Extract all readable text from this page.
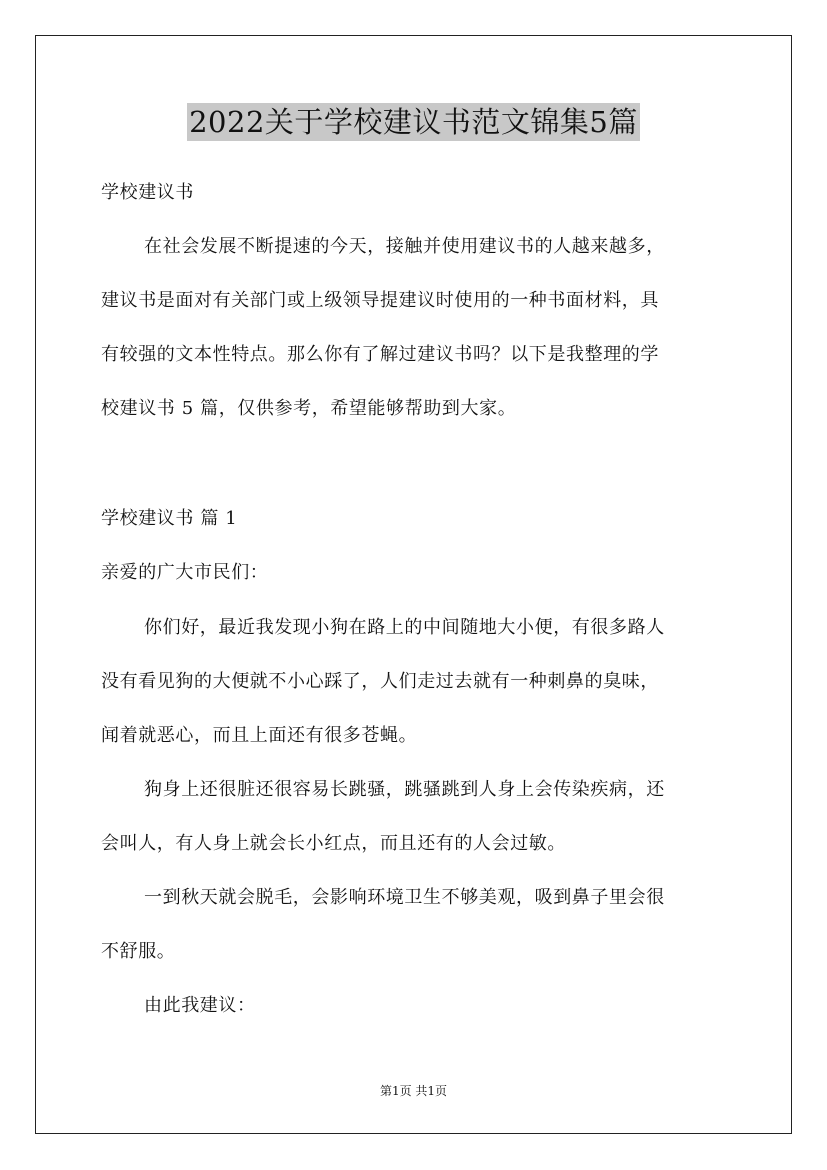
2022关于学校建议书范文锦集5篇
学校建议书
在社会发展不断提速的今天，接触并使用建议书的人越来越多，
建议书是面对有关部门或上级领导提建议时使用的一种书面材料，具
有较强的文本性特点。那么你有了解过建议书吗？以下是我整理的学
校建议书 5 篇，仅供参考，希望能够帮助到大家。
学校建议书 篇 1
亲爱的广大市民们：
你们好，最近我发现小狗在路上的中间随地大小便，有很多路人
没有看见狗的大便就不小心踩了，人们走过去就有一种刺鼻的臭味，
闻着就恶心，而且上面还有很多苍蝇。
狗身上还很脏还很容易长跳骚，跳骚跳到人身上会传染疾病，还
会叫人，有人身上就会长小红点，而且还有的人会过敏。
一到秋天就会脱毛，会影响环境卫生不够美观，吸到鼻子里会很
不舒服。
由此我建议：
第1页 共1页
